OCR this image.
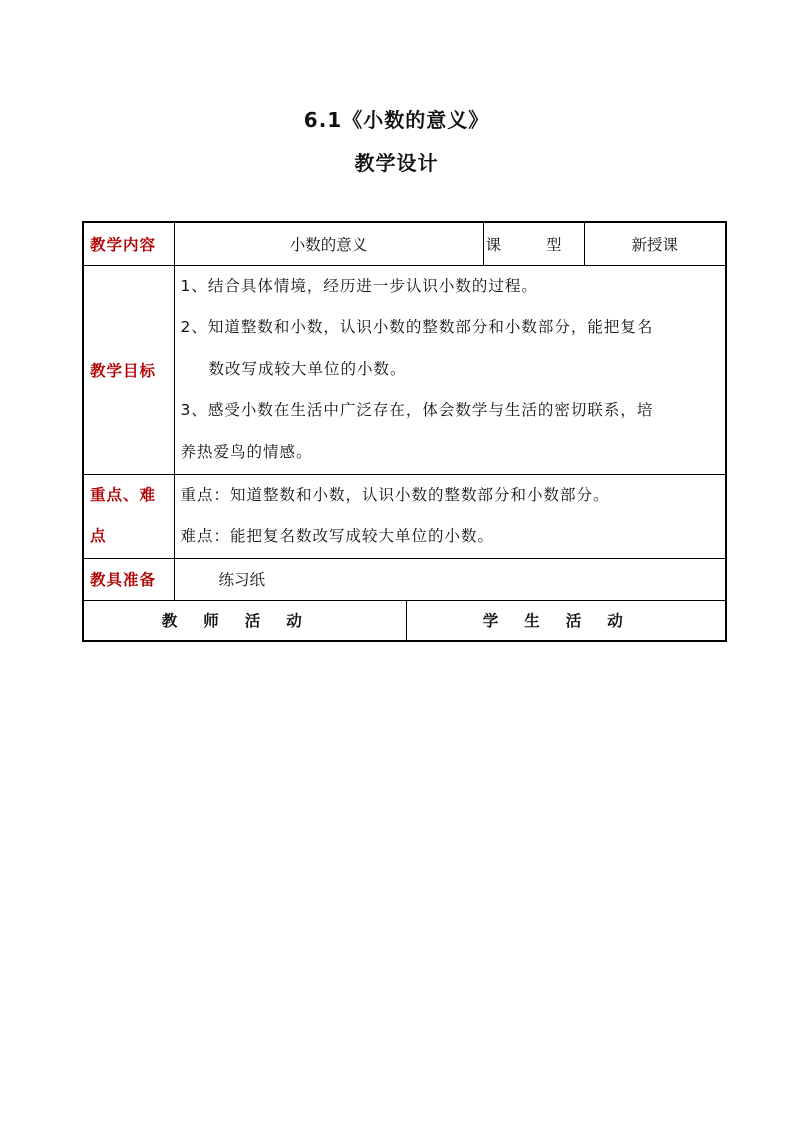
6.1《小数的意义》
教学设计
教学内容	小数的意义		课 型	新授课
教学目标	1、结合具体情境，经历进一步认识小数的过程。
2、知道整数和小数，认识小数的整数部分和小数部分，能把复名
数改写成较大单位的小数。
3、感受小数在生活中广泛存在，体会数学与生活的密切联系，培
养热爱鸟的情感。			

重点、难
点	重点：知道整数和小数，认识小数的整数部分和小数部分。
难点：能把复名数改写成较大单位的小数。			

教具准备	练习纸			
教师活动		学生活动		
